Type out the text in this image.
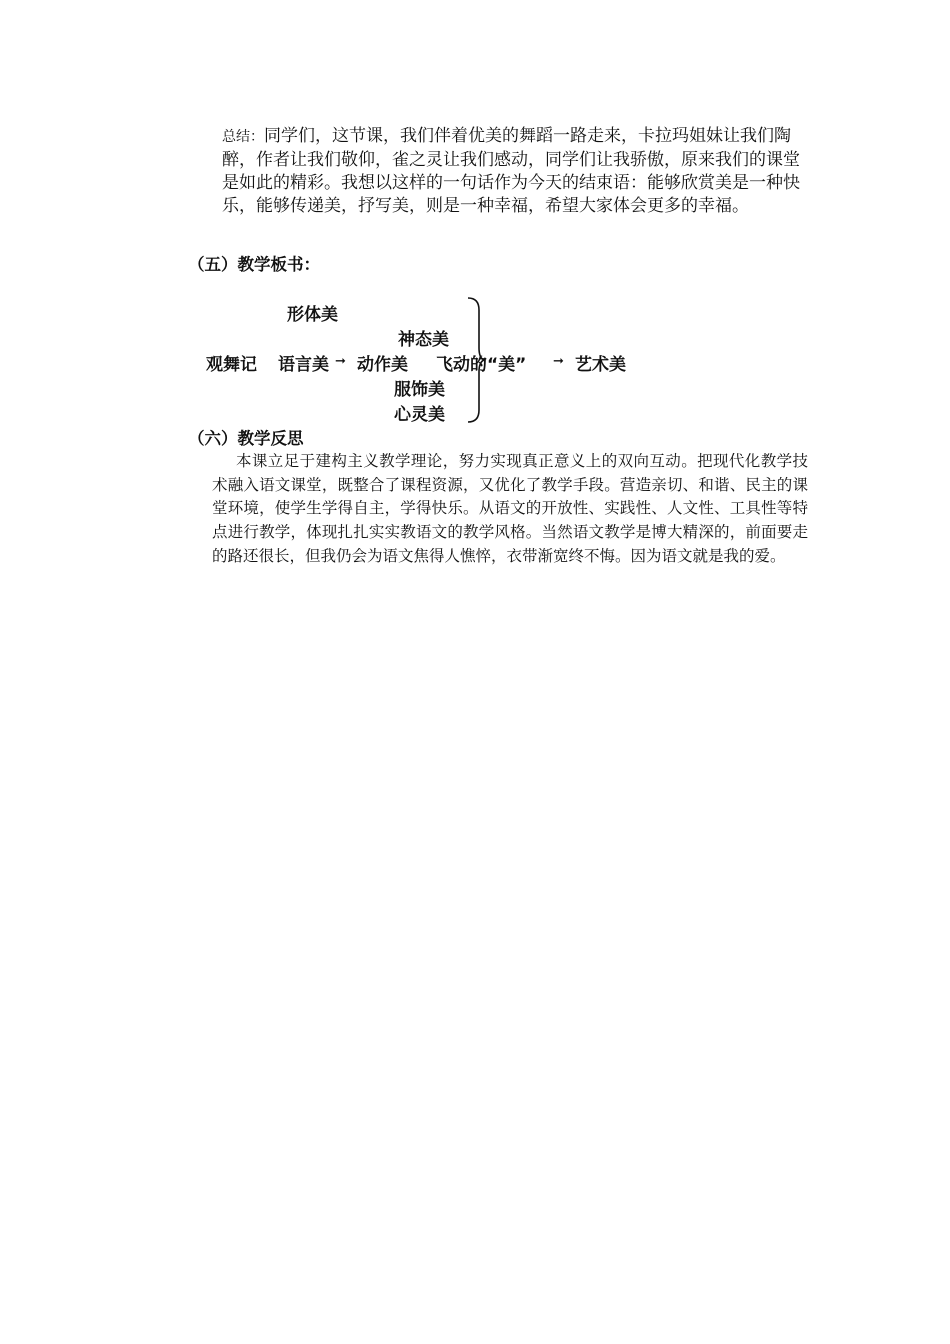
总结：同学们，这节课，我们伴着优美的舞蹈一路走来，卡拉玛姐妹让我们陶醉，作者让我们敬仰，雀之灵让我们感动，同学们让我骄傲，原来我们的课堂是如此的精彩。我想以这样的一句话作为今天的结束语：能够欣赏美是一种快乐，能够传递美，抒写美，则是一种幸福，希望大家体会更多的幸福。
（五）教学板书：
形体美
神态美
观舞记 语言美 ➞ 动作美 飞动的“美” ➞ 艺术美
服饰美
心灵美
（六）教学反思
本课立足于建构主义教学理论，努力实现真正意义上的双向互动。把现代化教学技术融入语文课堂，既整合了课程资源，又优化了教学手段。营造亲切、和谐、民主的课堂环境，使学生学得自主，学得快乐。从语文的开放性、实践性、人文性、工具性等特点进行教学，体现扎扎实实教语文的教学风格。当然语文教学是博大精深的，前面要走的路还很长，但我仍会为语文焦得人憔悴，衣带渐宽终不悔。因为语文就是我的爱。
